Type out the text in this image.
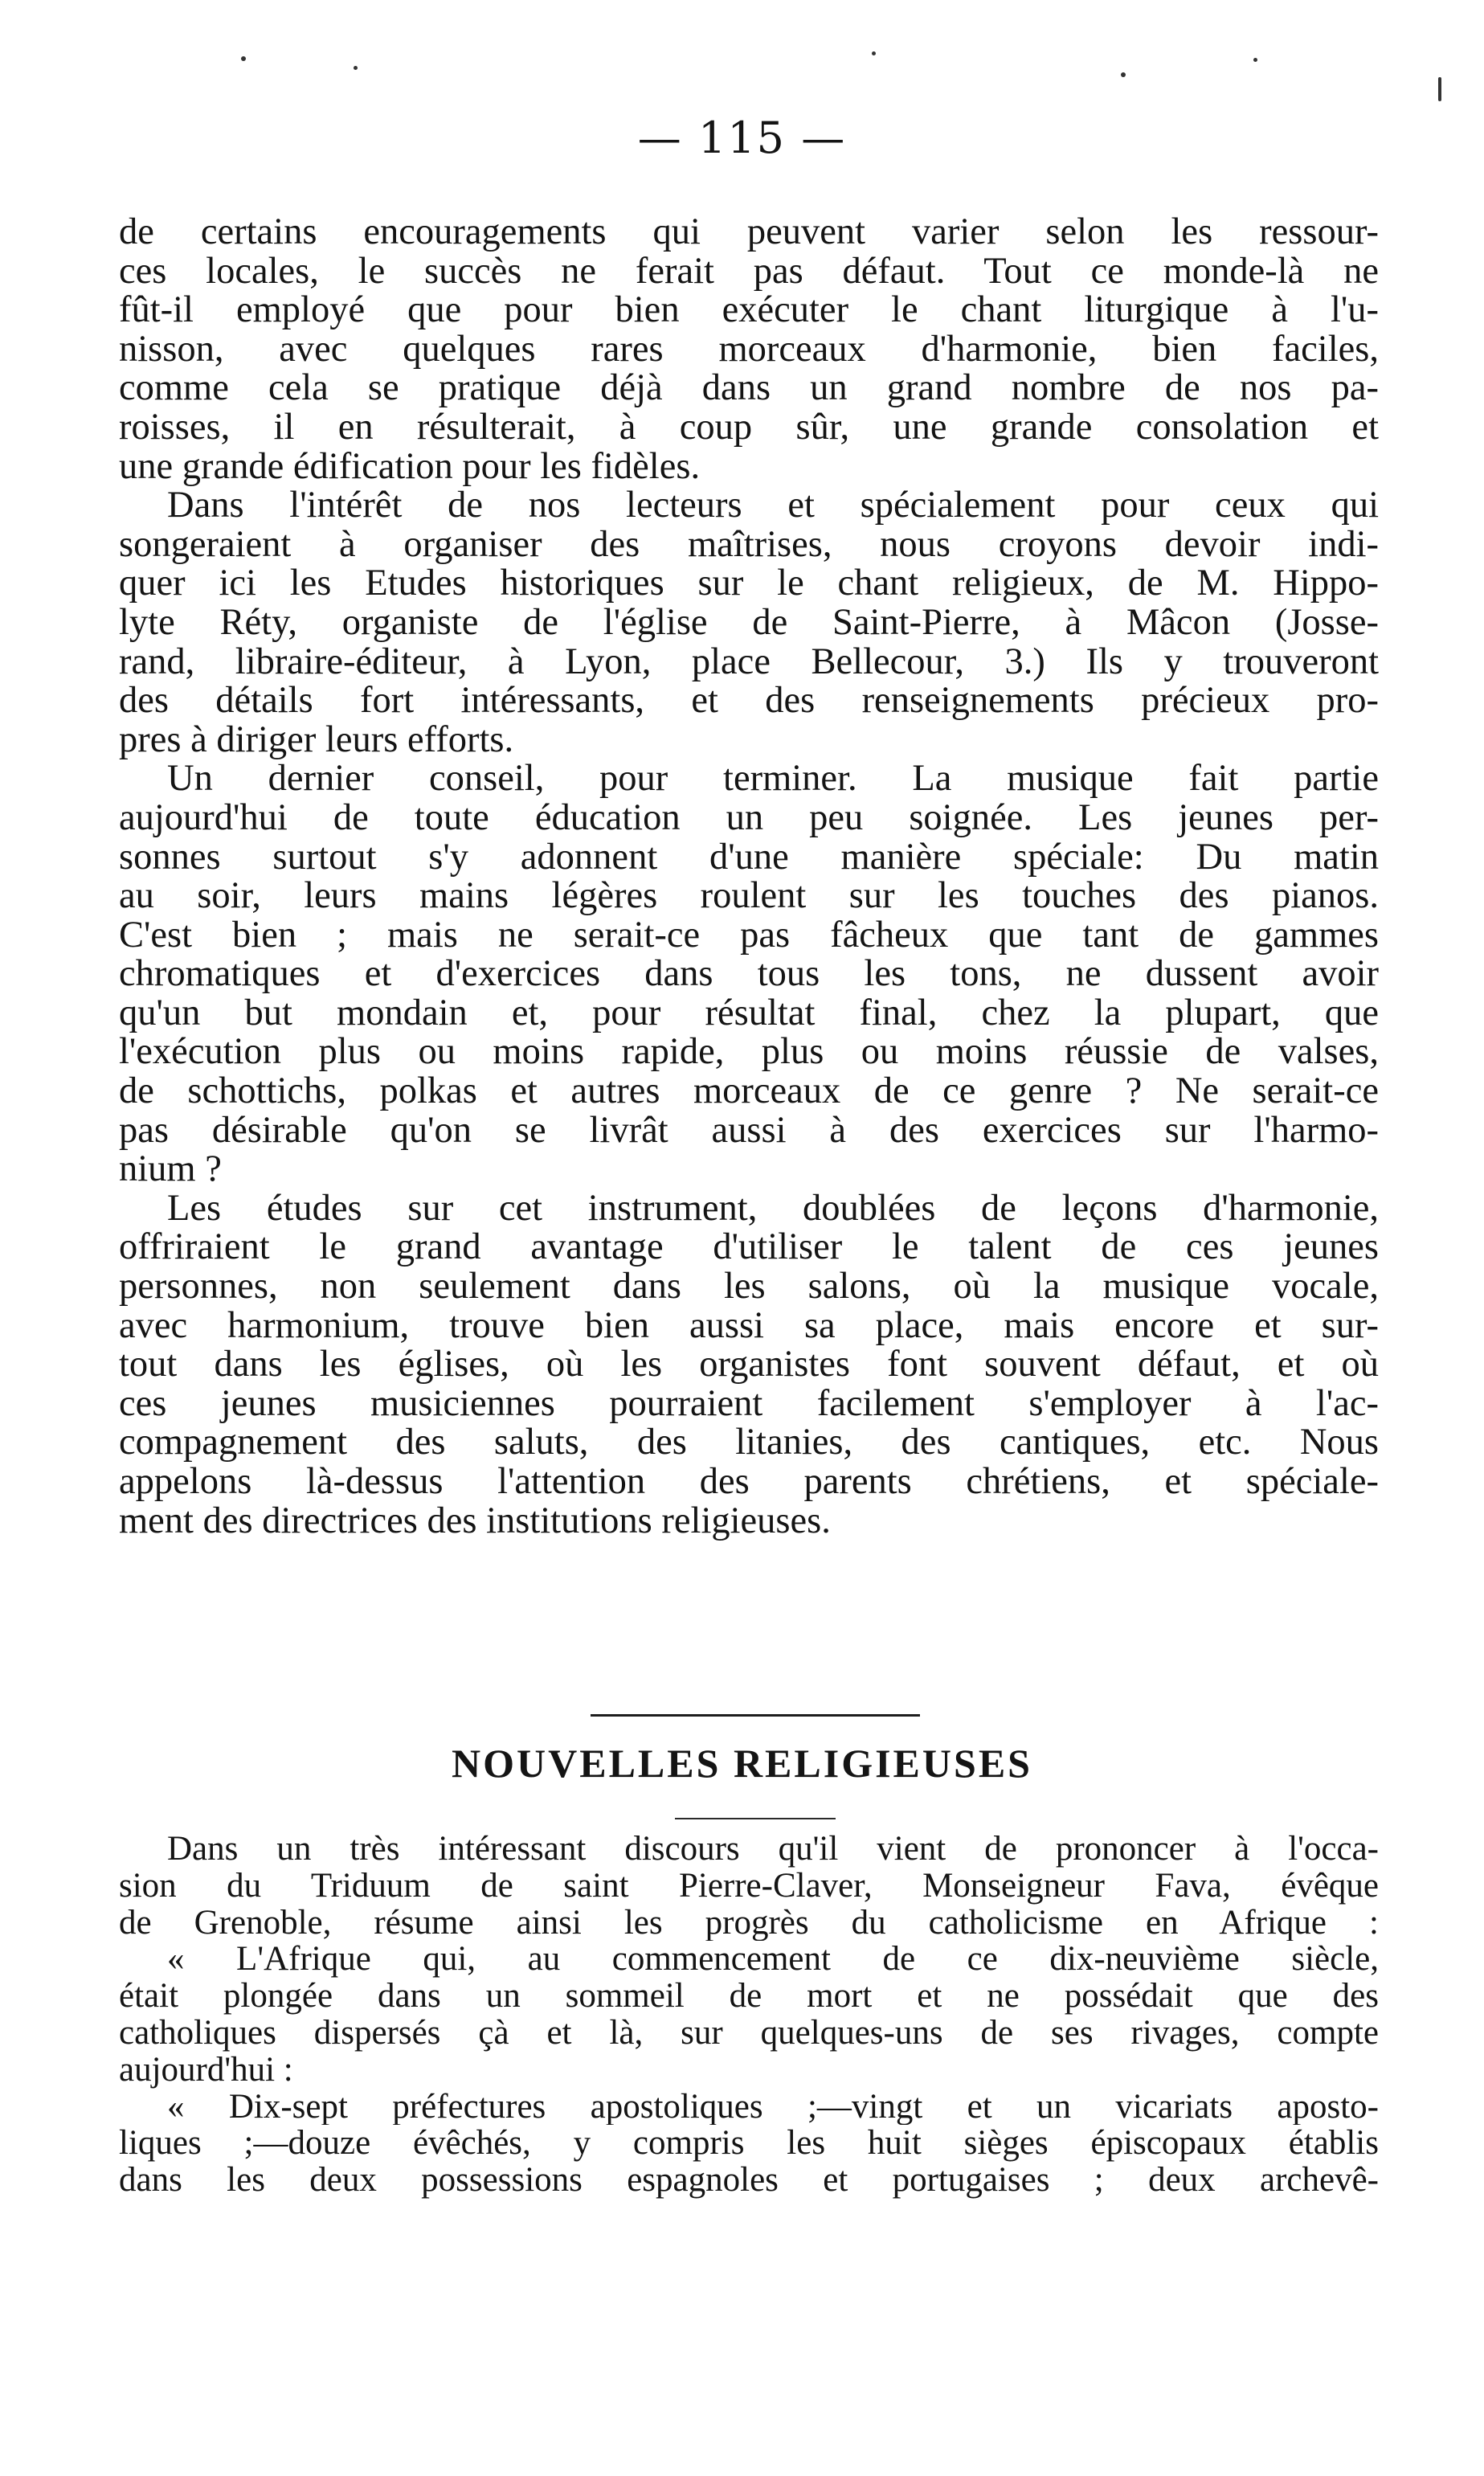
— 115 —
de certains encouragements qui peuvent varier selon les ressour-
ces locales, le succès ne ferait pas défaut. Tout ce monde-là ne
fût-il employé que pour bien exécuter le chant liturgique à l'u-
nisson, avec quelques rares morceaux d'harmonie, bien faciles,
comme cela se pratique déjà dans un grand nombre de nos pa-
roisses, il en résulterait, à coup sûr, une grande consolation et
une grande édification pour les fidèles.
Dans l'intérêt de nos lecteurs et spécialement pour ceux qui
songeraient à organiser des maîtrises, nous croyons devoir indi-
quer ici les Etudes historiques sur le chant religieux, de M. Hippo-
lyte Réty, organiste de l'église de Saint-Pierre, à Mâcon (Josse-
rand, libraire-éditeur, à Lyon, place Bellecour, 3.) Ils y trouveront
des détails fort intéressants, et des renseignements précieux pro-
pres à diriger leurs efforts.
Un dernier conseil, pour terminer. La musique fait partie
aujourd'hui de toute éducation un peu soignée. Les jeunes per-
sonnes surtout s'y adonnent d'une manière spéciale: Du matin
au soir, leurs mains légères roulent sur les touches des pianos.
C'est bien ; mais ne serait-ce pas fâcheux que tant de gammes
chromatiques et d'exercices dans tous les tons, ne dussent avoir
qu'un but mondain et, pour résultat final, chez la plupart, que
l'exécution plus ou moins rapide, plus ou moins réussie de valses,
de schottichs, polkas et autres morceaux de ce genre ? Ne serait-ce
pas désirable qu'on se livrât aussi à des exercices sur l'harmo-
nium ?
Les études sur cet instrument, doublées de leçons d'harmonie,
offriraient le grand avantage d'utiliser le talent de ces jeunes
personnes, non seulement dans les salons, où la musique vocale,
avec harmonium, trouve bien aussi sa place, mais encore et sur-
tout dans les églises, où les organistes font souvent défaut, et où
ces jeunes musiciennes pourraient facilement s'employer à l'ac-
compagnement des saluts, des litanies, des cantiques, etc. Nous
appelons là-dessus l'attention des parents chrétiens, et spéciale-
ment des directrices des institutions religieuses.
NOUVELLES RELIGIEUSES
Dans un très intéressant discours qu'il vient de prononcer à l'occa-
sion du Triduum de saint Pierre-Claver, Monseigneur Fava, évêque
de Grenoble, résume ainsi les progrès du catholicisme en Afrique :
« L'Afrique qui, au commencement de ce dix-neuvième siècle,
était plongée dans un sommeil de mort et ne possédait que des
catholiques dispersés çà et là, sur quelques-uns de ses rivages, compte
aujourd'hui :
« Dix-sept préfectures apostoliques ;—vingt et un vicariats aposto-
liques ;—douze évêchés, y compris les huit sièges épiscopaux établis
dans les deux possessions espagnoles et portugaises ; deux archevê-
